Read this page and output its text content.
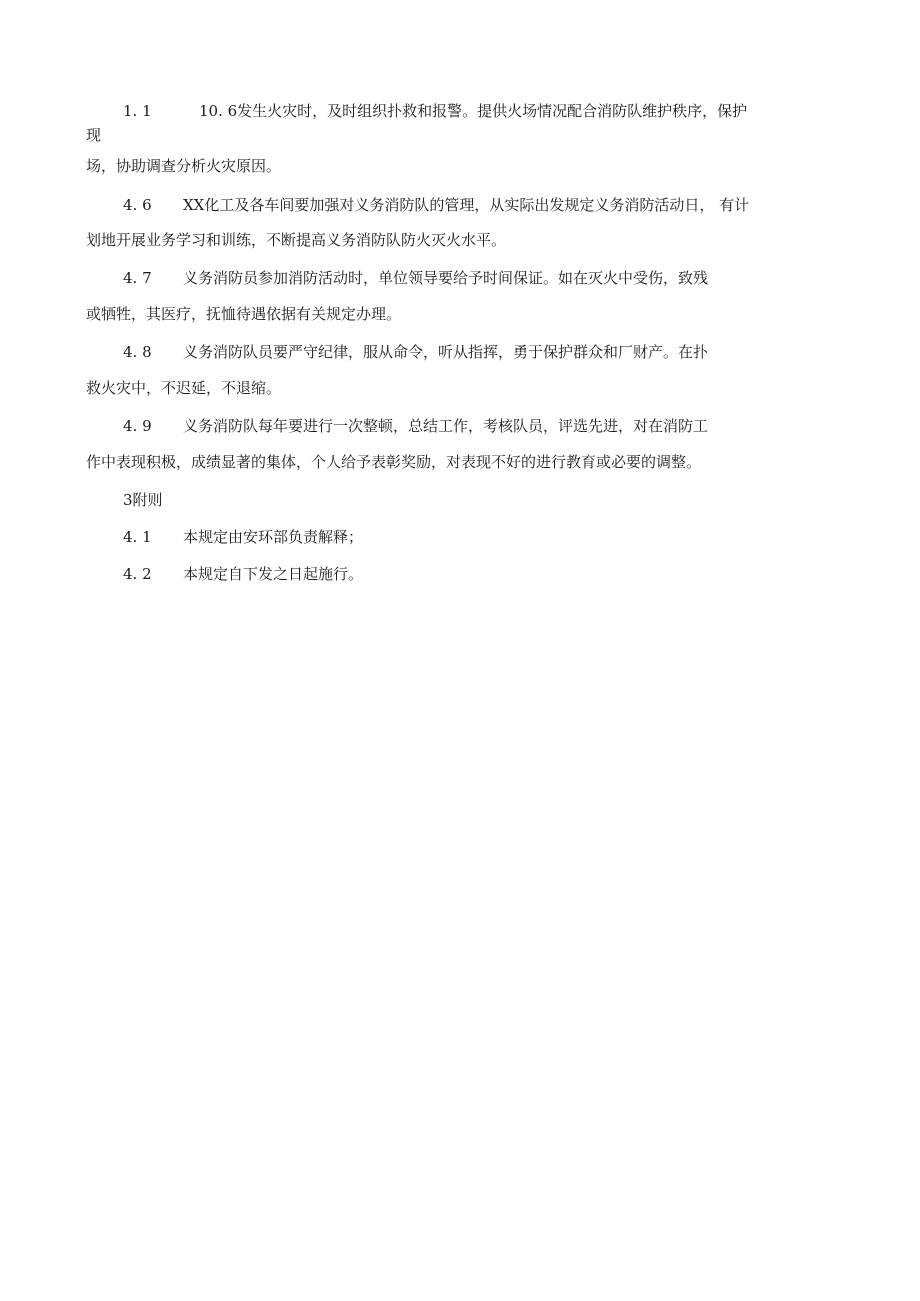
1. 1	10. 6发生火灾时，及时组织扑救和报警。提供火场情况配合消防队维护秩序，保护
现
场，协助调查分析火灾原因。
4. 6 XX化工及各车间要加强对义务消防队的管理，从实际出发规定义务消防活动日， 有计
划地开展业务学习和训练，不断提高义务消防队防火灭火水平。
4. 7 义务消防员参加消防活动时，单位领导要给予时间保证。如在灭火中受伤，致残
或牺牲，其医疗，抚恤待遇依据有关规定办理。
4. 8 义务消防队员要严守纪律，服从命令，听从指挥，勇于保护群众和厂财产。在扑
救火灾中，不迟延，不退缩。
4. 9 义务消防队每年要进行一次整顿，总结工作，考核队员，评选先进，对在消防工
作中表现积极，成绩显著的集体，个人给予表彰奖励，对表现不好的进行教育或必要的调整。
3附则
4. 1 本规定由安环部负责解释；
4. 2 本规定自下发之日起施行。
